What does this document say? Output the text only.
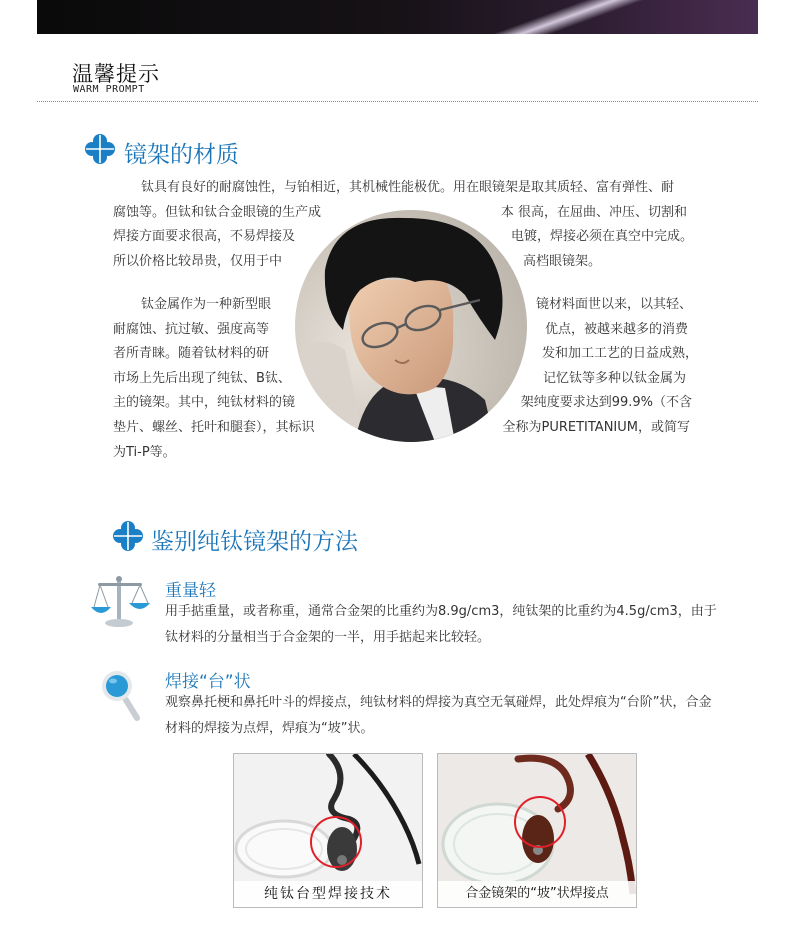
温馨提示
WARM PROMPT
镜架的材质

钛具有良好的耐腐蚀性，与铂相近，其机械性能极优。用在眼镜架是取其质轻、富有弹性、耐

腐蚀等。但钛和钛合金眼镜的生产成	本 很高，在屈曲、冲压、切割和

焊接方面要求很高，不易焊接及	电镀，焊接必须在真空中完成。

所以价格比较昂贵，仅用于中	高档眼镜架。

钛金属作为一种新型眼	镜材料面世以来，以其轻、

耐腐蚀、抗过敏、强度高等	优点，被越来越多的消费

者所青睐。随着钛材料的研	发和加工工艺的日益成熟，

市场上先后出现了纯钛、B钛、	记忆钛等多种以钛金属为

主的镜架。其中，纯钛材料的镜	架纯度要求达到99.9%（不含

垫片、螺丝、托叶和腿套），其标识	全称为PURETITANIUM，或简写

为Ti-P等。

鉴别纯钛镜架的方法
重量轻

用手掂重量，或者称重，通常合金架的比重约为8.9g/cm3，纯钛架的比重约为4.5g/cm3，由于

钛材料的分量相当于合金架的一半，用手掂起来比较轻。

焊接“台”状

观察鼻托梗和鼻托叶斗的焊接点，纯钛材料的焊接为真空无氧碰焊，此处焊痕为“台阶”状，合金

材料的焊接为点焊，焊痕为“坡”状。

纯钛台型焊接技术	合金镜架的“坡”状焊接点
